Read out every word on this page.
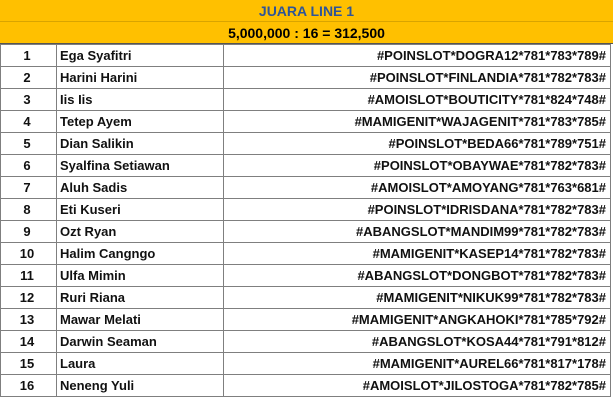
JUARA LINE 1
5,000,000 : 16 = 312,500
1	Ega Syafitri	#POINSLOT*DOGRA12*781*783*789#
2	Harini Harini	#POINSLOT*FINLANDIA*781*782*783#
3	Iis Iis	#AMOISLOT*BOUTICITY*781*824*748#
4	Tetep Ayem	#MAMIGENIT*WAJAGENIT*781*783*785#
5	Dian Salikin	#POINSLOT*BEDA66*781*789*751#
6	Syalfina Setiawan	#POINSLOT*OBAYWAE*781*782*783#
7	Aluh Sadis	#AMOISLOT*AMOYANG*781*763*681#
8	Eti Kuseri	#POINSLOT*IDRISDANA*781*782*783#
9	Ozt Ryan	#ABANGSLOT*MANDIM99*781*782*783#
10	Halim Cangngo	#MAMIGENIT*KASEP14*781*782*783#
11	Ulfa Mimin	#ABANGSLOT*DONGBOT*781*782*783#
12	Ruri Riana	#MAMIGENIT*NIKUK99*781*782*783#
13	Mawar Melati	#MAMIGENIT*ANGKAHOKI*781*785*792#
14	Darwin Seaman	#ABANGSLOT*KOSA44*781*791*812#
15	Laura	#MAMIGENIT*AUREL66*781*817*178#
16	Neneng Yuli	#AMOISLOT*JILOSTOGA*781*782*785#
